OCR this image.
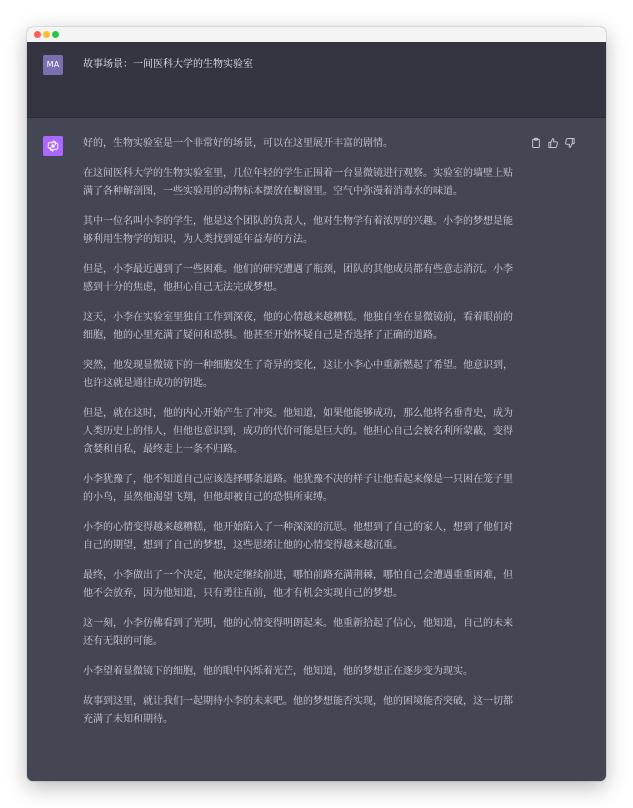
MA	故事场景：一间医科大学的生物实验室

好的，生物实验室是一个非常好的场景，可以在这里展开丰富的剧情。

在这间医科大学的生物实验室里，几位年轻的学生正围着一台显微镜进行观察。实验室的墙壁上贴满了各种解剖图，一些实验用的动物标本摆放在橱窗里。空气中弥漫着消毒水的味道。

其中一位名叫小李的学生，他是这个团队的负责人，他对生物学有着浓厚的兴趣。小李的梦想是能够利用生物学的知识，为人类找到延年益寿的方法。

但是，小李最近遇到了一些困难。他们的研究遭遇了瓶颈，团队的其他成员都有些意志消沉。小李感到十分的焦虑，他担心自己无法完成梦想。

这天，小李在实验室里独自工作到深夜，他的心情越来越糟糕。他独自坐在显微镜前，看着眼前的细胞，他的心里充满了疑问和恐惧。他甚至开始怀疑自己是否选择了正确的道路。

突然，他发现显微镜下的一种细胞发生了奇异的变化，这让小李心中重新燃起了希望。他意识到，也许这就是通往成功的钥匙。

但是，就在这时，他的内心开始产生了冲突。他知道，如果他能够成功，那么他将名垂青史，成为人类历史上的伟人，但他也意识到，成功的代价可能是巨大的。他担心自己会被名利所蒙蔽，变得贪婪和自私，最终走上一条不归路。

小李犹豫了，他不知道自己应该选择哪条道路。他犹豫不决的样子让他看起来像是一只困在笼子里的小鸟，虽然他渴望飞翔，但他却被自己的恐惧所束缚。

小李的心情变得越来越糟糕，他开始陷入了一种深深的沉思。他想到了自己的家人，想到了他们对自己的期望，想到了自己的梦想，这些思绪让他的心情变得越来越沉重。

最终，小李做出了一个决定，他决定继续前进，哪怕前路充满荆棘，哪怕自己会遭遇重重困难，但他不会放弃，因为他知道，只有勇往直前，他才有机会实现自己的梦想。

这一刻，小李仿佛看到了光明，他的心情变得明朗起来。他重新拾起了信心，他知道，自己的未来还有无限的可能。

小李望着显微镜下的细胞，他的眼中闪烁着光芒，他知道，他的梦想正在逐步变为现实。

故事到这里，就让我们一起期待小李的未来吧。他的梦想能否实现，他的困境能否突破，这一切都充满了未知和期待。
